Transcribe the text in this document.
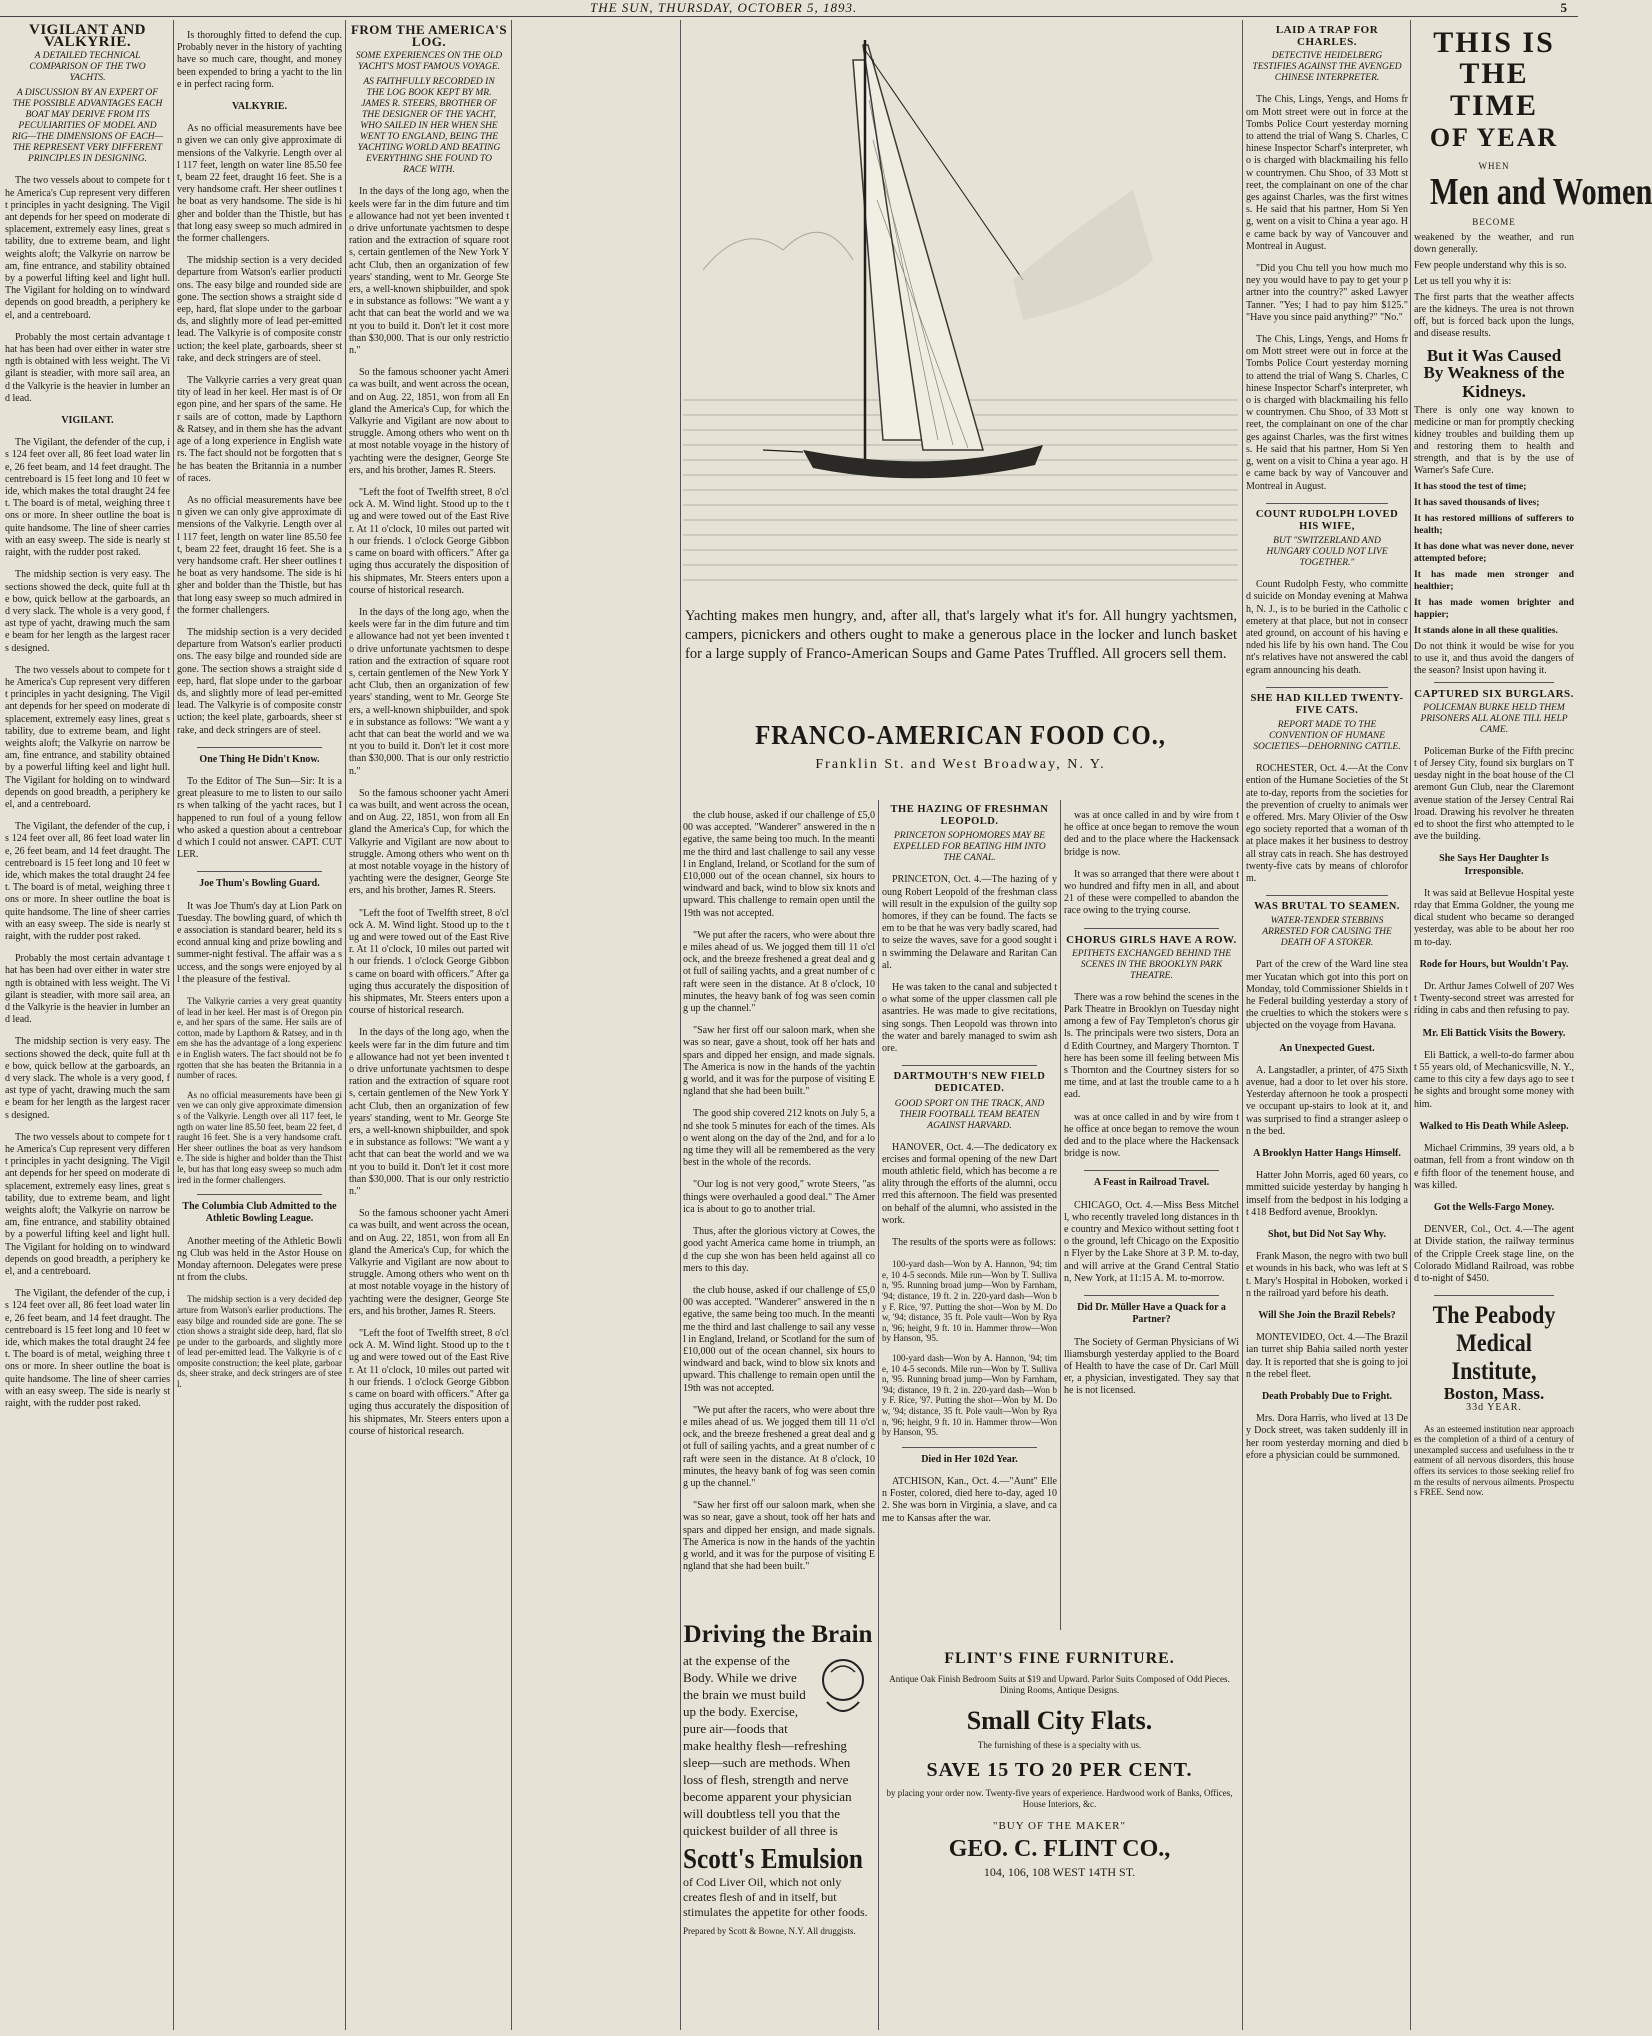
THE SUN, THURSDAY, OCTOBER 5, 1893.	5
VIGILANT AND VALKYRIE.
A DETAILED TECHNICAL COMPARISON OF THE TWO YACHTS.
A DISCUSSION BY AN EXPERT OF THE POSSIBLE ADVANTAGES EACH BOAT MAY DERIVE FROM ITS PECULIARITIES OF MODEL AND RIG—THE DIMENSIONS OF EACH—THE REPRESENT VERY DIFFERENT PRINCIPLES IN DESIGNING.

The two vessels about to compete for the America's Cup represent very different principles in yacht designing. The Vigilant depends for her speed on moderate displacement, extremely easy lines, great stability, due to extreme beam, and light weights aloft; the Valkyrie on narrow beam, fine entrance, and stability obtained by a powerful lifting keel and light hull. The Vigilant for holding on to windward depends on good breadth, a periphery keel, and a centreboard.

Probably the most certain advantage that has been had over either in water strength is obtained with less weight. The Vigilant is steadier, with more sail area, and the Valkyrie is the heavier in lumber and lead.

VIGILANT.

The Vigilant, the defender of the cup, is 124 feet over all, 86 feet load water line, 26 feet beam, and 14 feet draught. The centreboard is 15 feet long and 10 feet wide, which makes the total draught 24 feet. The board is of metal, weighing three tons or more. In sheer outline the boat is quite handsome. The line of sheer carries with an easy sweep. The side is nearly straight, with the rudder post raked.

The midship section is very easy. The sections showed the deck, quite full at the bow, quick bellow at the garboards, and very slack. The whole is a very good, fast type of yacht, drawing much the same beam for her length as the largest racers designed.

The two vessels about to compete for the America's Cup represent very different principles in yacht designing. The Vigilant depends for her speed on moderate displacement, extremely easy lines, great stability, due to extreme beam, and light weights aloft; the Valkyrie on narrow beam, fine entrance, and stability obtained by a powerful lifting keel and light hull. The Vigilant for holding on to windward depends on good breadth, a periphery keel, and a centreboard.

The Vigilant, the defender of the cup, is 124 feet over all, 86 feet load water line, 26 feet beam, and 14 feet draught. The centreboard is 15 feet long and 10 feet wide, which makes the total draught 24 feet. The board is of metal, weighing three tons or more. In sheer outline the boat is quite handsome. The line of sheer carries with an easy sweep. The side is nearly straight, with the rudder post raked.

Probably the most certain advantage that has been had over either in water strength is obtained with less weight. The Vigilant is steadier, with more sail area, and the Valkyrie is the heavier in lumber and lead.

The midship section is very easy. The sections showed the deck, quite full at the bow, quick bellow at the garboards, and very slack. The whole is a very good, fast type of yacht, drawing much the same beam for her length as the largest racers designed.

The two vessels about to compete for the America's Cup represent very different principles in yacht designing. The Vigilant depends for her speed on moderate displacement, extremely easy lines, great stability, due to extreme beam, and light weights aloft; the Valkyrie on narrow beam, fine entrance, and stability obtained by a powerful lifting keel and light hull. The Vigilant for holding on to windward depends on good breadth, a periphery keel, and a centreboard.

The Vigilant, the defender of the cup, is 124 feet over all, 86 feet load water line, 26 feet beam, and 14 feet draught. The centreboard is 15 feet long and 10 feet wide, which makes the total draught 24 feet. The board is of metal, weighing three tons or more. In sheer outline the boat is quite handsome. The line of sheer carries with an easy sweep. The side is nearly straight, with the rudder post raked.

Is thoroughly fitted to defend the cup. Probably never in the history of yachting have so much care, thought, and money been expended to bring a yacht to the line in perfect racing form.

VALKYRIE.

As no official measurements have been given we can only give approximate dimensions of the Valkyrie. Length over all 117 feet, length on water line 85.50 feet, beam 22 feet, draught 16 feet. She is a very handsome craft. Her sheer outlines the boat as very handsome. The side is higher and bolder than the Thistle, but has that long easy sweep so much admired in the former challengers.

The midship section is a very decided departure from Watson's earlier productions. The easy bilge and rounded side are gone. The section shows a straight side deep, hard, flat slope under to the garboards, and slightly more of lead per-emitted lead. The Valkyrie is of composite construction; the keel plate, garboards, sheer strake, and deck stringers are of steel.

The Valkyrie carries a very great quantity of lead in her keel. Her mast is of Oregon pine, and her spars of the same. Her sails are of cotton, made by Lapthorn & Ratsey, and in them she has the advantage of a long experience in English waters. The fact should not be forgotten that she has beaten the Britannia in a number of races.

As no official measurements have been given we can only give approximate dimensions of the Valkyrie. Length over all 117 feet, length on water line 85.50 feet, beam 22 feet, draught 16 feet. She is a very handsome craft. Her sheer outlines the boat as very handsome. The side is higher and bolder than the Thistle, but has that long easy sweep so much admired in the former challengers.

The midship section is a very decided departure from Watson's earlier productions. The easy bilge and rounded side are gone. The section shows a straight side deep, hard, flat slope under to the garboards, and slightly more of lead per-emitted lead. The Valkyrie is of composite construction; the keel plate, garboards, sheer strake, and deck stringers are of steel.

One Thing He Didn't Know.

To the Editor of The Sun—Sir: It is a great pleasure to me to listen to our sailors when talking of the yacht races, but I happened to run foul of a young fellow who asked a question about a centreboard which I could not answer. CAPT. CUTLER.

Joe Thum's Bowling Guard.

It was Joe Thum's day at Lion Park on Tuesday. The bowling guard, of which the association is standard bearer, held its second annual king and prize bowling and summer-night festival. The affair was a success, and the songs were enjoyed by all the pleasure of the festival.

The Valkyrie carries a very great quantity of lead in her keel. Her mast is of Oregon pine, and her spars of the same. Her sails are of cotton, made by Lapthorn & Ratsey, and in them she has the advantage of a long experience in English waters. The fact should not be forgotten that she has beaten the Britannia in a number of races.

As no official measurements have been given we can only give approximate dimensions of the Valkyrie. Length over all 117 feet, length on water line 85.50 feet, beam 22 feet, draught 16 feet. She is a very handsome craft. Her sheer outlines the boat as very handsome. The side is higher and bolder than the Thistle, but has that long easy sweep so much admired in the former challengers.

The Columbia Club Admitted to the Athletic Bowling League.

Another meeting of the Athletic Bowling Club was held in the Astor House on Monday afternoon. Delegates were present from the clubs.

The midship section is a very decided departure from Watson's earlier productions. The easy bilge and rounded side are gone. The section shows a straight side deep, hard, flat slope under to the garboards, and slightly more of lead per-emitted lead. The Valkyrie is of composite construction; the keel plate, garboards, sheer strake, and deck stringers are of steel.

FROM THE AMERICA'S LOG.
SOME EXPERIENCES ON THE OLD YACHT'S MOST FAMOUS VOYAGE.
AS FAITHFULLY RECORDED IN THE LOG BOOK KEPT BY MR. JAMES R. STEERS, BROTHER OF THE DESIGNER OF THE YACHT, WHO SAILED IN HER WHEN SHE WENT TO ENGLAND, BEING THE YACHTING WORLD AND BEATING EVERYTHING SHE FOUND TO RACE WITH.

In the days of the long ago, when the keels were far in the dim future and time allowance had not yet been invented to drive unfortunate yachtsmen to desperation and the extraction of square roots, certain gentlemen of the New York Yacht Club, then an organization of few years' standing, went to Mr. George Steers, a well-known shipbuilder, and spoke in substance as follows: "We want a yacht that can beat the world and we want you to build it. Don't let it cost more than $30,000. That is our only restriction."

So the famous schooner yacht America was built, and went across the ocean, and on Aug. 22, 1851, won from all England the America's Cup, for which the Valkyrie and Vigilant are now about to struggle. Among others who went on that most notable voyage in the history of yachting were the designer, George Steers, and his brother, James R. Steers.

"Left the foot of Twelfth street, 8 o'clock A. M. Wind light. Stood up to the tug and were towed out of the East River. At 11 o'clock, 10 miles out parted with our friends. 1 o'clock George Gibbons came on board with officers." After gauging thus accurately the disposition of his shipmates, Mr. Steers enters upon a course of historical research.

In the days of the long ago, when the keels were far in the dim future and time allowance had not yet been invented to drive unfortunate yachtsmen to desperation and the extraction of square roots, certain gentlemen of the New York Yacht Club, then an organization of few years' standing, went to Mr. George Steers, a well-known shipbuilder, and spoke in substance as follows: "We want a yacht that can beat the world and we want you to build it. Don't let it cost more than $30,000. That is our only restriction."

So the famous schooner yacht America was built, and went across the ocean, and on Aug. 22, 1851, won from all England the America's Cup, for which the Valkyrie and Vigilant are now about to struggle. Among others who went on that most notable voyage in the history of yachting were the designer, George Steers, and his brother, James R. Steers.

"Left the foot of Twelfth street, 8 o'clock A. M. Wind light. Stood up to the tug and were towed out of the East River. At 11 o'clock, 10 miles out parted with our friends. 1 o'clock George Gibbons came on board with officers." After gauging thus accurately the disposition of his shipmates, Mr. Steers enters upon a course of historical research.

In the days of the long ago, when the keels were far in the dim future and time allowance had not yet been invented to drive unfortunate yachtsmen to desperation and the extraction of square roots, certain gentlemen of the New York Yacht Club, then an organization of few years' standing, went to Mr. George Steers, a well-known shipbuilder, and spoke in substance as follows: "We want a yacht that can beat the world and we want you to build it. Don't let it cost more than $30,000. That is our only restriction."

So the famous schooner yacht America was built, and went across the ocean, and on Aug. 22, 1851, won from all England the America's Cup, for which the Valkyrie and Vigilant are now about to struggle. Among others who went on that most notable voyage in the history of yachting were the designer, George Steers, and his brother, James R. Steers.

"Left the foot of Twelfth street, 8 o'clock A. M. Wind light. Stood up to the tug and were towed out of the East River. At 11 o'clock, 10 miles out parted with our friends. 1 o'clock George Gibbons came on board with officers." After gauging thus accurately the disposition of his shipmates, Mr. Steers enters upon a course of historical research.

Yachting makes men hungry, and, after all, that's largely what it's for. All hungry yachtsmen, campers, picnickers and others ought to make a generous place in the locker and lunch basket for a large supply of Franco-American Soups and Game Pates Truffled. All grocers sell them.
FRANCO-AMERICAN FOOD CO.,
Franklin St. and West Broadway, N. Y.

the club house, asked if our challenge of £5,000 was accepted. "Wanderer" answered in the negative, the same being too much. In the meantime the third and last challenge to sail any vessel in England, Ireland, or Scotland for the sum of £10,000 out of the ocean channel, six hours to windward and back, wind to blow six knots and upward. This challenge to remain open until the 19th was not accepted.

"We put after the racers, who were about three miles ahead of us. We jogged them till 11 o'clock, and the breeze freshened a great deal and got full of sailing yachts, and a great number of craft were seen in the distance. At 8 o'clock, 10 minutes, the heavy bank of fog was seen coming up the channel."

"Saw her first off our saloon mark, when she was so near, gave a shout, took off her hats and spars and dipped her ensign, and made signals. The America is now in the hands of the yachting world, and it was for the purpose of visiting England that she had been built."

The good ship covered 212 knots on July 5, and she took 5 minutes for each of the times. Also went along on the day of the 2nd, and for a long time they will all be remembered as the very best in the whole of the records.

"Our log is not very good," wrote Steers, "as things were overhauled a good deal." The America is about to go to another trial.

Thus, after the glorious victory at Cowes, the good yacht America came home in triumph, and the cup she won has been held against all comers to this day.

the club house, asked if our challenge of £5,000 was accepted. "Wanderer" answered in the negative, the same being too much. In the meantime the third and last challenge to sail any vessel in England, Ireland, or Scotland for the sum of £10,000 out of the ocean channel, six hours to windward and back, wind to blow six knots and upward. This challenge to remain open until the 19th was not accepted.

"We put after the racers, who were about three miles ahead of us. We jogged them till 11 o'clock, and the breeze freshened a great deal and got full of sailing yachts, and a great number of craft were seen in the distance. At 8 o'clock, 10 minutes, the heavy bank of fog was seen coming up the channel."

"Saw her first off our saloon mark, when she was so near, gave a shout, took off her hats and spars and dipped her ensign, and made signals. The America is now in the hands of the yachting world, and it was for the purpose of visiting England that she had been built."

THE HAZING OF FRESHMAN LEOPOLD.
PRINCETON SOPHOMORES MAY BE EXPELLED FOR BEATING HIM INTO THE CANAL.

PRINCETON, Oct. 4.—The hazing of young Robert Leopold of the freshman class will result in the expulsion of the guilty sophomores, if they can be found. The facts seem to be that he was very badly scared, had to seize the waves, save for a good sought in swimming the Delaware and Raritan Canal.

He was taken to the canal and subjected to what some of the upper classmen call pleasantries. He was made to give recitations, sing songs. Then Leopold was thrown into the water and barely managed to swim ashore.

DARTMOUTH'S NEW FIELD DEDICATED.
GOOD SPORT ON THE TRACK, AND THEIR FOOTBALL TEAM BEATEN AGAINST HARVARD.

HANOVER, Oct. 4.—The dedicatory exercises and formal opening of the new Dartmouth athletic field, which has become a reality through the efforts of the alumni, occurred this afternoon. The field was presented on behalf of the alumni, who assisted in the work.

The results of the sports were as follows:

100-yard dash—Won by A. Hannon, '94; time, 10 4-5 seconds. Mile run—Won by T. Sullivan, '95. Running broad jump—Won by Farnham, '94; distance, 19 ft. 2 in. 220-yard dash—Won by F. Rice, '97. Putting the shot—Won by M. Dow, '94; distance, 35 ft. Pole vault—Won by Ryan, '96; height, 9 ft. 10 in. Hammer throw—Won by Hanson, '95.

100-yard dash—Won by A. Hannon, '94; time, 10 4-5 seconds. Mile run—Won by T. Sullivan, '95. Running broad jump—Won by Farnham, '94; distance, 19 ft. 2 in. 220-yard dash—Won by F. Rice, '97. Putting the shot—Won by M. Dow, '94; distance, 35 ft. Pole vault—Won by Ryan, '96; height, 9 ft. 10 in. Hammer throw—Won by Hanson, '95.

Died in Her 102d Year.

ATCHISON, Kan., Oct. 4.—"Aunt" Ellen Foster, colored, died here to-day, aged 102. She was born in Virginia, a slave, and came to Kansas after the war.

was at once called in and by wire from the office at once began to remove the wounded and to the place where the Hackensack bridge is now.

It was so arranged that there were about two hundred and fifty men in all, and about 21 of these were compelled to abandon the race owing to the trying course.

CHORUS GIRLS HAVE A ROW.
EPITHETS EXCHANGED BEHIND THE SCENES IN THE BROOKLYN PARK THEATRE.

There was a row behind the scenes in the Park Theatre in Brooklyn on Tuesday night among a few of Fay Templeton's chorus girls. The principals were two sisters, Dora and Edith Courtney, and Margery Thornton. There has been some ill feeling between Miss Thornton and the Courtney sisters for some time, and at last the trouble came to a head.

was at once called in and by wire from the office at once began to remove the wounded and to the place where the Hackensack bridge is now.

A Feast in Railroad Travel.

CHICAGO, Oct. 4.—Miss Bess Mitchell, who recently traveled long distances in the country and Mexico without setting foot to the ground, left Chicago on the Exposition Flyer by the Lake Shore at 3 P. M. to-day, and will arrive at the Grand Central Station, New York, at 11:15 A. M. to-morrow.

Did Dr. Müller Have a Quack for a Partner?

The Society of German Physicians of Williamsburgh yesterday applied to the Board of Health to have the case of Dr. Carl Müller, a physician, investigated. They say that he is not licensed.

Driving the Brain
at the expense of the Body. While we drive the brain we must build up the body. Exercise, pure air—foods that make healthy flesh—refreshing sleep—such are methods. When loss of flesh, strength and nerve become apparent your physician will doubtless tell you that the quickest builder of all three is
Scott's Emulsion
of Cod Liver Oil, which not only creates flesh of and in itself, but stimulates the appetite for other foods.
Prepared by Scott & Bowne, N.Y. All druggists.
FLINT'S FINE FURNITURE.
Antique Oak Finish Bedroom Suits at $19 and Upward. Parlor Suits Composed of Odd Pieces. Dining Rooms, Antique Designs.
Small City Flats.
The furnishing of these is a specialty with us.
SAVE 15 TO 20 PER CENT.
by placing your order now. Twenty-five years of experience. Hardwood work of Banks, Offices, House Interiors, &c.
"BUY OF THE MAKER"
GEO. C. FLINT CO.,
104, 106, 108 WEST 14TH ST.
LAID A TRAP FOR CHARLES.
DETECTIVE HEIDELBERG TESTIFIES AGAINST THE AVENGED CHINESE INTERPRETER.

The Chis, Lings, Yengs, and Homs from Mott street were out in force at the Tombs Police Court yesterday morning to attend the trial of Wang S. Charles, Chinese Inspector Scharf's interpreter, who is charged with blackmailing his fellow countrymen. Chu Shoo, of 33 Mott street, the complainant on one of the charges against Charles, was the first witness. He said that his partner, Hom Si Yeng, went on a visit to China a year ago. He came back by way of Vancouver and Montreal in August.

"Did you Chu tell you how much money you would have to pay to get your partner into the country?" asked Lawyer Tanner. "Yes; I had to pay him $125." "Have you since paid anything?" "No."

The Chis, Lings, Yengs, and Homs from Mott street were out in force at the Tombs Police Court yesterday morning to attend the trial of Wang S. Charles, Chinese Inspector Scharf's interpreter, who is charged with blackmailing his fellow countrymen. Chu Shoo, of 33 Mott street, the complainant on one of the charges against Charles, was the first witness. He said that his partner, Hom Si Yeng, went on a visit to China a year ago. He came back by way of Vancouver and Montreal in August.

COUNT RUDOLPH LOVED HIS WIFE,
BUT "SWITZERLAND AND HUNGARY COULD NOT LIVE TOGETHER."

Count Rudolph Festy, who committed suicide on Monday evening at Mahwah, N. J., is to be buried in the Catholic cemetery at that place, but not in consecrated ground, on account of his having ended his life by his own hand. The Count's relatives have not answered the cablegram announcing his death.

SHE HAD KILLED TWENTY-FIVE CATS.
REPORT MADE TO THE CONVENTION OF HUMANE SOCIETIES—DEHORNING CATTLE.

ROCHESTER, Oct. 4.—At the Convention of the Humane Societies of the State to-day, reports from the societies for the prevention of cruelty to animals were offered. Mrs. Mary Olivier of the Oswego society reported that a woman of that place makes it her business to destroy all stray cats in reach. She has destroyed twenty-five cats by means of chloroform.

WAS BRUTAL TO SEAMEN.
WATER-TENDER STEBBINS ARRESTED FOR CAUSING THE DEATH OF A STOKER.

Part of the crew of the Ward line steamer Yucatan which got into this port on Monday, told Commissioner Shields in the Federal building yesterday a story of the cruelties to which the stokers were subjected on the voyage from Havana.

An Unexpected Guest.

A. Langstadler, a printer, of 475 Sixth avenue, had a door to let over his store. Yesterday afternoon he took a prospective occupant up-stairs to look at it, and was surprised to find a stranger asleep on the bed.

A Brooklyn Hatter Hangs Himself.

Hatter John Morris, aged 60 years, committed suicide yesterday by hanging himself from the bedpost in his lodging at 418 Bedford avenue, Brooklyn.

Shot, but Did Not Say Why.

Frank Mason, the negro with two bullet wounds in his back, who was left at St. Mary's Hospital in Hoboken, worked in the railroad yard before his death.

Will She Join the Brazil Rebels?

MONTEVIDEO, Oct. 4.—The Brazilian turret ship Bahia sailed north yesterday. It is reported that she is going to join the rebel fleet.

Death Probably Due to Fright.

Mrs. Dora Harris, who lived at 13 Dey Dock street, was taken suddenly ill in her room yesterday morning and died before a physician could be summoned.

THIS IS
THE TIME
OF YEAR
WHEN
Men and Women
BECOME
weakened by the weather, and run down generally.
Few people understand why this is so.
Let us tell you why it is:
The first parts that the weather affects are the kidneys. The urea is not thrown off, but is forced back upon the lungs, and disease results.
But it Was Caused
By Weakness of the Kidneys.
There is only one way known to medicine or man for promptly checking kidney troubles and building them up and restoring them to health and strength, and that is by the use of Warner's Safe Cure.
It has stood the test of time;
It has saved thousands of lives;
It has restored millions of sufferers to health;
It has done what was never done, never attempted before;
It has made men stronger and healthier;
It has made women brighter and happier;
It stands alone in all these qualities.
Do not think it would be wise for you to use it, and thus avoid the dangers of the season? Insist upon having it.
CAPTURED SIX BURGLARS.
POLICEMAN BURKE HELD THEM PRISONERS ALL ALONE TILL HELP CAME.

Policeman Burke of the Fifth precinct of Jersey City, found six burglars on Tuesday night in the boat house of the Claremont Gun Club, near the Claremont avenue station of the Jersey Central Railroad. Drawing his revolver he threatened to shoot the first who attempted to leave the building.

She Says Her Daughter Is Irresponsible.

It was said at Bellevue Hospital yesterday that Emma Goldner, the young medical student who became so deranged yesterday, was able to be about her room to-day.

Rode for Hours, but Wouldn't Pay.

Dr. Arthur James Colwell of 207 West Twenty-second street was arrested for riding in cabs and then refusing to pay.

Mr. Eli Battick Visits the Bowery.

Eli Battick, a well-to-do farmer about 55 years old, of Mechanicsville, N. Y., came to this city a few days ago to see the sights and brought some money with him.

Walked to His Death While Asleep.

Michael Crimmins, 39 years old, a boatman, fell from a front window on the fifth floor of the tenement house, and was killed.

Got the Wells-Fargo Money.

DENVER, Col., Oct. 4.—The agent at Divide station, the railway terminus of the Cripple Creek stage line, on the Colorado Midland Railroad, was robbed to-night of $450.

The Peabody Medical Institute,
Boston, Mass.
33d YEAR.

As an esteemed institution near approaches the completion of a third of a century of unexampled success and usefulness in the treatment of all nervous disorders, this house offers its services to those seeking relief from the results of nervous ailments. Prospectus FREE. Send now.
